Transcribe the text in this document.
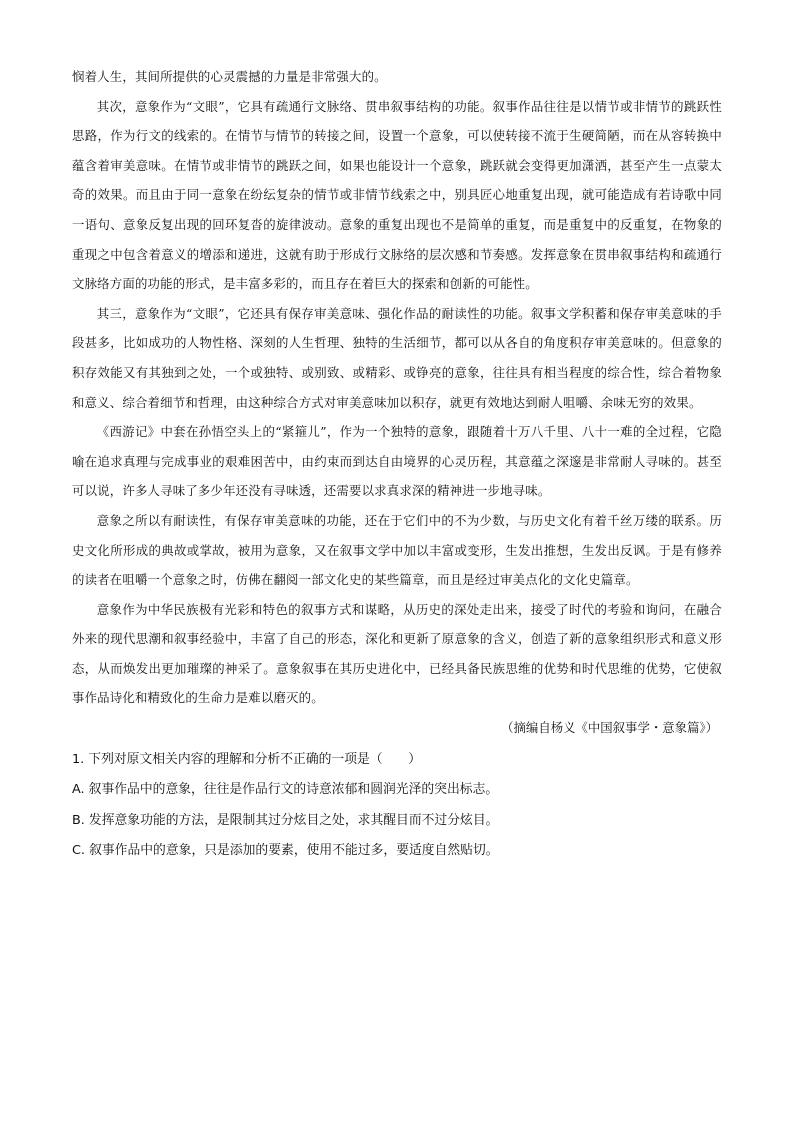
悯着人生，其间所提供的心灵震撼的力量是非常强大的。

其次，意象作为“文眼”，它具有疏通行文脉络、贯串叙事结构的功能。叙事作品往往是以情节或非情节的跳跃性思路，作为行文的线索的。在情节与情节的转接之间，设置一个意象，可以使转接不流于生硬简陋，而在从容转换中蕴含着审美意味。在情节或非情节的跳跃之间，如果也能设计一个意象，跳跃就会变得更加潇洒，甚至产生一点蒙太奇的效果。而且由于同一意象在纷纭复杂的情节或非情节线索之中，别具匠心地重复出现，就可能造成有若诗歌中同一语句、意象反复出现的回环复沓的旋律波动。意象的重复出现也不是简单的重复，而是重复中的反重复，在物象的重现之中包含着意义的增添和递进，这就有助于形成行文脉络的层次感和节奏感。发挥意象在贯串叙事结构和疏通行文脉络方面的功能的形式，是丰富多彩的，而且存在着巨大的探索和创新的可能性。

其三，意象作为“文眼”，它还具有保存审美意味、强化作品的耐读性的功能。叙事文学积蓄和保存审美意味的手段甚多，比如成功的人物性格、深刻的人生哲理、独特的生活细节，都可以从各自的角度积存审美意味的。但意象的积存效能又有其独到之处，一个或独特、或别致、或精彩、或铮亮的意象，往往具有相当程度的综合性，综合着物象和意义、综合着细节和哲理，由这种综合方式对审美意味加以积存，就更有效地达到耐人咀嚼、余味无穷的效果。

《西游记》中套在孙悟空头上的“紧箍儿”，作为一个独特的意象，跟随着十万八千里、八十一难的全过程，它隐喻在追求真理与完成事业的艰难困苦中，由约束而到达自由境界的心灵历程，其意蕴之深邃是非常耐人寻味的。甚至可以说，许多人寻味了多少年还没有寻味透，还需要以求真求深的精神进一步地寻味。

意象之所以有耐读性，有保存审美意味的功能，还在于它们中的不为少数，与历史文化有着千丝万缕的联系。历史文化所形成的典故或掌故，被用为意象，又在叙事文学中加以丰富或变形，生发出推想，生发出反讽。于是有修养的读者在咀嚼一个意象之时，仿佛在翻阅一部文化史的某些篇章，而且是经过审美点化的文化史篇章。

意象作为中华民族极有光彩和特色的叙事方式和谋略，从历史的深处走出来，接受了时代的考验和询问，在融合外来的现代思潮和叙事经验中，丰富了自己的形态，深化和更新了原意象的含义，创造了新的意象组织形式和意义形态，从而焕发出更加璀璨的神采了。意象叙事在其历史进化中，已经具备民族思维的优势和时代思维的优势，它使叙事作品诗化和精致化的生命力是难以磨灭的。

（摘编自杨义《中国叙事学・意象篇》）

1. 下列对原文相关内容的理解和分析不正确的一项是（　　）
A. 叙事作品中的意象，往往是作品行文的诗意浓郁和圆润光泽的突出标志。
B. 发挥意象功能的方法，是限制其过分炫目之处，求其醒目而不过分炫目。
C. 叙事作品中的意象，只是添加的要素，使用不能过多，要适度自然贴切。
